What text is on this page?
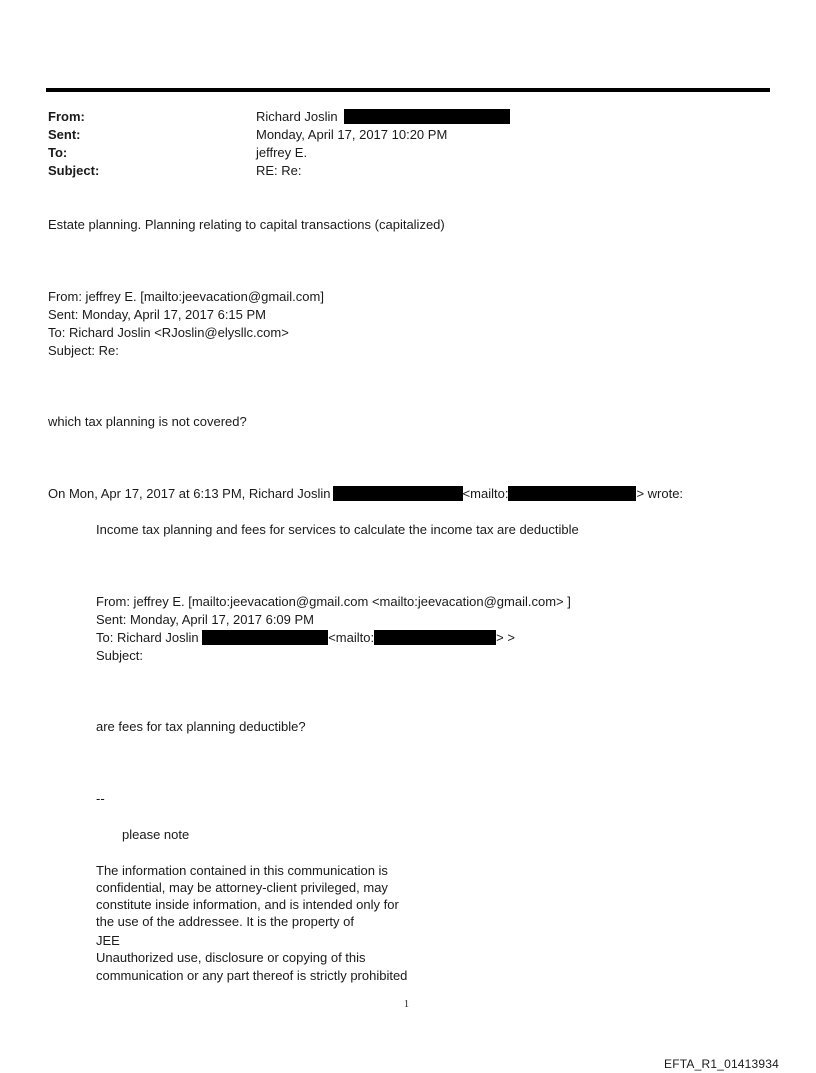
From:	Richard Joslin
Sent:	Monday, April 17, 2017 10:20 PM
To:	jeffrey E.
Subject:	RE: Re:
Estate planning. Planning relating to capital transactions (capitalized)
From: jeffrey E. [mailto:jeevacation@gmail.com]
Sent: Monday, April 17, 2017 6:15 PM
To: Richard Joslin <RJoslin@elysllc.com>
Subject: Re:
which tax planning is not covered?
On Mon, Apr 17, 2017 at 6:13 PM, Richard Joslin	<mailto:	> wrote:
Income tax planning and fees for services to calculate the income tax are deductible
From: jeffrey E. [mailto:jeevacation@gmail.com <mailto:jeevacation@gmail.com> ]
Sent: Monday, April 17, 2017 6:09 PM
To: Richard Joslin	<mailto:	> >
Subject:
are fees for tax planning deductible?
--
please note
The information contained in this communication is
confidential, may be attorney-client privileged, may
constitute inside information, and is intended only for
the use of the addressee. It is the property of
JEE
Unauthorized use, disclosure or copying of this
communication or any part thereof is strictly prohibited
1
EFTA_R1_01413934
